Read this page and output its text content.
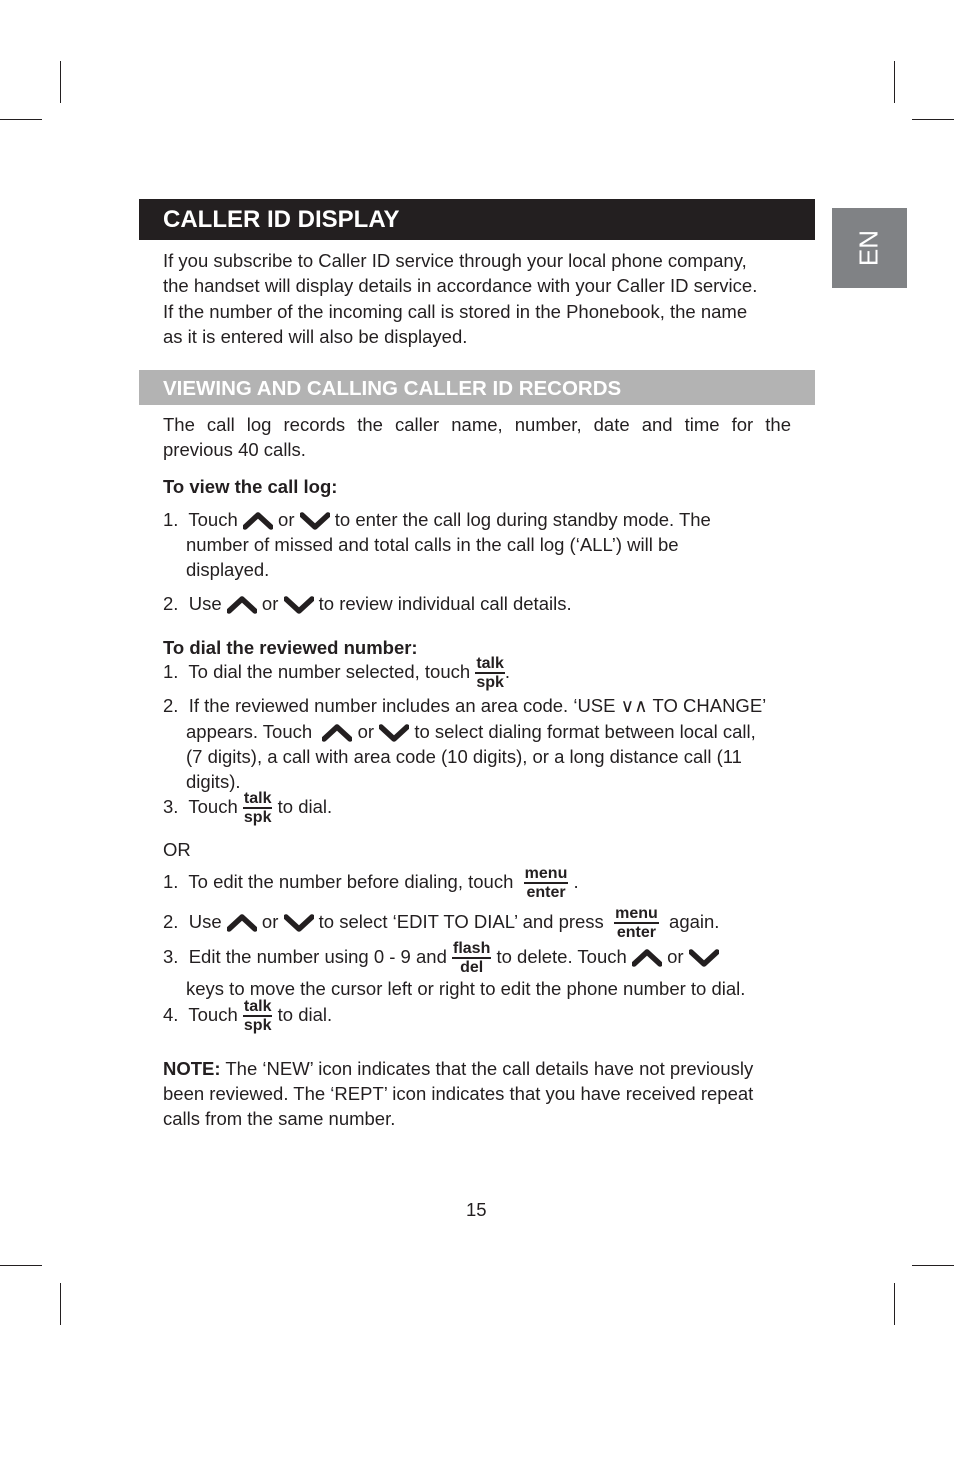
EN
CALLER ID DISPLAY
If you subscribe to Caller ID service through your local phone company,
the handset will display details in accordance with your Caller ID service.
If the number of the incoming call is stored in the Phonebook, the name
as it is entered will also be displayed.
VIEWING AND CALLING CALLER ID RECORDS
The call log records the caller name, number, date and time for the
previous 40 calls.
To view the call log:
1. Touch or to enter the call log during standby mode. The
number of missed and total calls in the call log (‘ALL’) will be
displayed.
2. Use or to review individual call details.
To dial the reviewed number:
1. To dial the number selected, touch talk
spk
.
2. If the reviewed number includes an area code. ‘USE ∨∧ TO CHANGE’
appears. Touch or to select dialing format between local call,
(7 digits), a call with area code (10 digits), or a long distance call (11
digits).
3. Touch talk
spk
to dial.
OR
1. To edit the number before dialing, touch menu
enter
.
2. Use or to select ‘EDIT TO DIAL’ and press menu
enter
again.
3. Edit the number using 0 - 9 and flash
del
to delete. Touch or
keys to move the cursor left or right to edit the phone number to dial.
4. Touch talk
spk
to dial.
NOTE: The ‘NEW’ icon indicates that the call details have not previously
been reviewed. The ‘REPT’ icon indicates that you have received repeat
calls from the same number.
15
